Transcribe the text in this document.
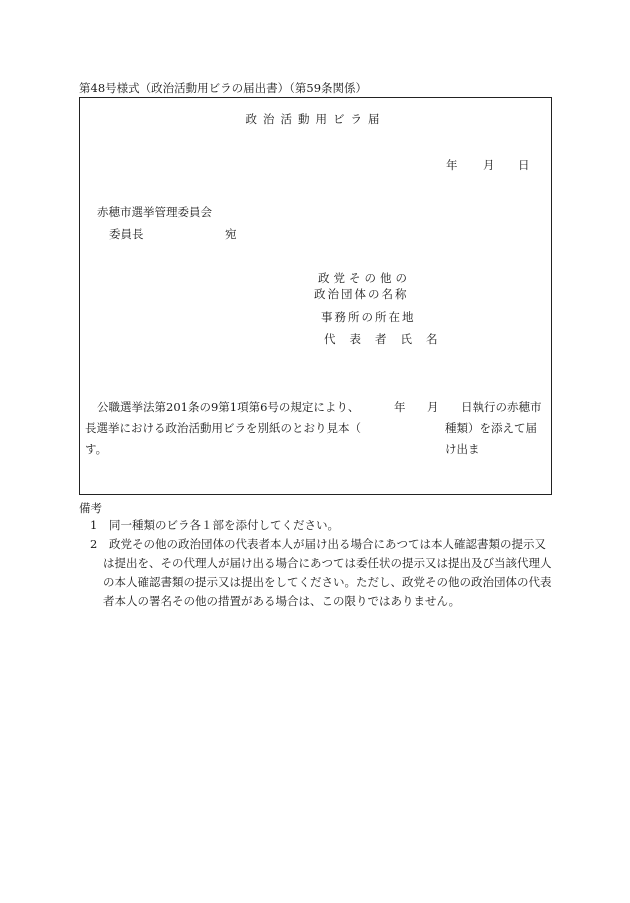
第48号様式（政治活動用ビラの届出書）（第59条関係）
政治活動用ビラ届
年 月 日
赤穂市選挙管理委員会
委員長	宛
政党その他の
政治団体の名称
事務所の所在地
代表者氏名
公職選挙法第201条の9第1項第6号の規定により、	年 月 日執行の赤穂市
長選挙における政治活動用ビラを別紙のとおり見本（	種類）を添えて届け出ま
す。
備考
1	同一種類のビラ各１部を添付してください。
2	政党その他の政治団体の代表者本人が届け出る場合にあつては本人確認書類の提示又は提出を、その代理人が届け出る場合にあつては委任状の提示又は提出及び当該代理人の本人確認書類の提示又は提出をしてください。ただし、政党その他の政治団体の代表者本人の署名その他の措置がある場合は、この限りではありません。
